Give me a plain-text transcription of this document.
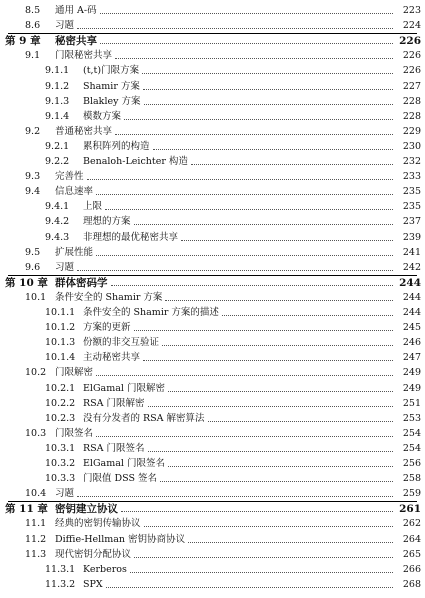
8.5	通用 A-码	223
8.6	习题	224
第 9 章	秘密共享	226
9.1	门限秘密共享	226
9.1.1	(t,t)门限方案	226
9.1.2	Shamir 方案	227
9.1.3	Blakley 方案	228
9.1.4	模数方案	228
9.2	普通秘密共享	229
9.2.1	累积阵列的构造	230
9.2.2	Benaloh-Leichter 构造	232
9.3	完善性	233
9.4	信息速率	235
9.4.1	上限	235
9.4.2	理想的方案	237
9.4.3	非理想的最优秘密共享	239
9.5	扩展性能	241
9.6	习题	242
第 10 章 群体密码学	244
10.1 条件安全的 Shamir 方案	244
10.1.1 条件安全的 Shamir 方案的描述	244
10.1.2 方案的更新	245
10.1.3 份额的非交互验证	246
10.1.4 主动秘密共享	247
10.2 门限解密	249
10.2.1 ElGamal 门限解密	249
10.2.2 RSA 门限解密	251
10.2.3 没有分发者的 RSA 解密算法	253
10.3 门限签名	254
10.3.1 RSA 门限签名	254
10.3.2 ElGamal 门限签名	256
10.3.3 门限值 DSS 签名	258
10.4 习题	259
第 11 章 密钥建立协议	261
11.1 经典的密钥传输协议	262
11.2 Diffie-Hellman 密钥协商协议	264
11.3 现代密钥分配协议	265
11.3.1 Kerberos	266
11.3.2 SPX	268
